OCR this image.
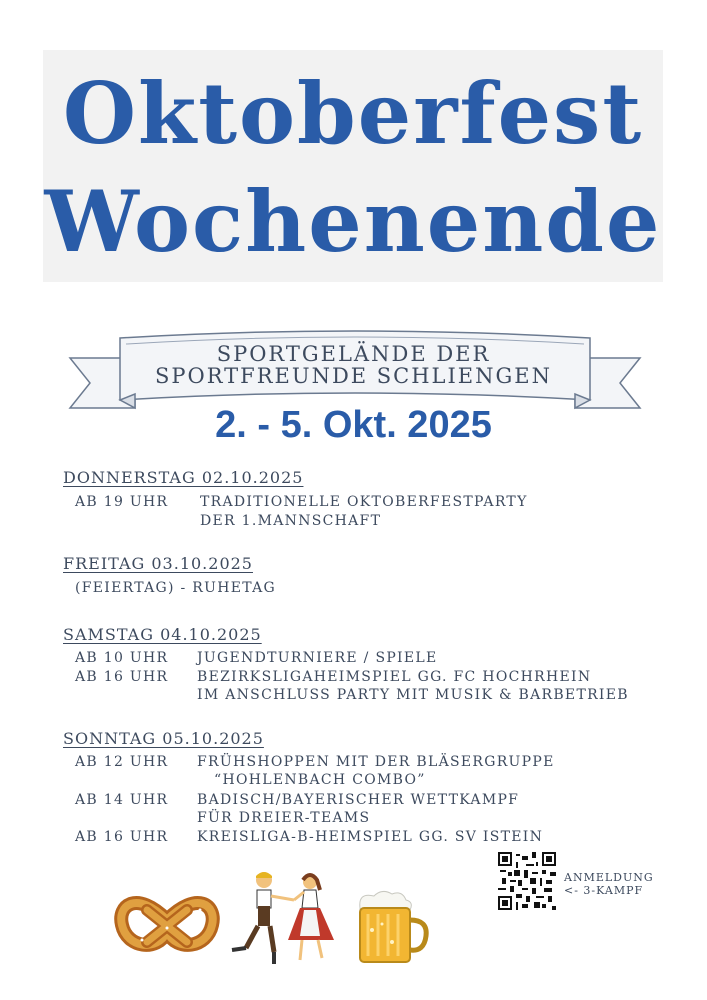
Oktoberfest
Wochenende
SPORTGELÄNDE DER
SPORTFREUNDE SCHLIENGEN
2. - 5. Okt. 2025
DONNERSTAG 02.10.2025
AB 19 UHR TRADITIONELLE OKTOBERFESTPARTY
DER 1.MANNSCHAFT
FREITAG 03.10.2025
(FEIERTAG) - RUHETAG
SAMSTAG 04.10.2025
AB 10 UHR JUGENDTURNIERE / SPIELE
AB 16 UHR BEZIRKSLIGAHEIMSPIEL GG. FC HOCHRHEIN
IM ANSCHLUSS PARTY MIT MUSIK & BARBETRIEB
SONNTAG 05.10.2025
AB 12 UHR FRÜHSHOPPEN MIT DER BLÄSERGRUPPE
“HOHLENBACH COMBO”
AB 14 UHR BADISCH/BAYERISCHER WETTKAMPF
FÜR DREIER-TEAMS
AB 16 UHR KREISLIGA-B-HEIMSPIEL GG. SV ISTEIN
ANMELDUNG
<- 3-KAMPF
